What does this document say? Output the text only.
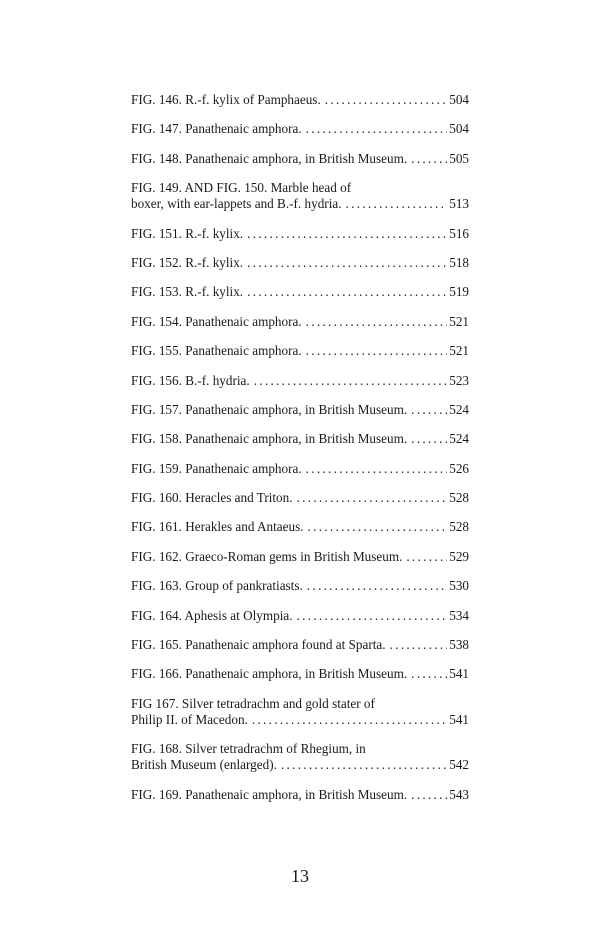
FIG. 146. R.-f. kylix of Pamphaeus. . . .	504
FIG. 147. Panathenaic amphora. . . .	504
FIG. 148. Panathenaic amphora, in British Museum. . . .	505
FIG. 149. AND FIG. 150. Marble head of
boxer, with ear-lappets and B.-f. hydria. . . .	513
FIG. 151. R.-f. kylix. . . .	516
FIG. 152. R.-f. kylix. . . .	518
FIG. 153. R.-f. kylix. . . .	519
FIG. 154. Panathenaic amphora. . . .	521
FIG. 155. Panathenaic amphora. . . .	521
FIG. 156. B.-f. hydria. . . .	523
FIG. 157. Panathenaic amphora, in British Museum. . . .	524
FIG. 158. Panathenaic amphora, in British Museum. . . .	524
FIG. 159. Panathenaic amphora. . . .	526
FIG. 160. Heracles and Triton. . . .	528
FIG. 161. Herakles and Antaeus. . . .	528
FIG. 162. Graeco-Roman gems in British Museum. . . .	529
FIG. 163. Group of pankratiasts. . . .	530
FIG. 164. Aphesis at Olympia. . . .	534
FIG. 165. Panathenaic amphora found at Sparta. . . .	538
FIG. 166. Panathenaic amphora, in British Museum. . . .	541
FIG 167. Silver tetradrachm and gold stater of
Philip II. of Macedon. . . .	541
FIG. 168. Silver tetradrachm of Rhegium, in
British Museum (enlarged). . . .	542
FIG. 169. Panathenaic amphora, in British Museum. . . .	543
13
